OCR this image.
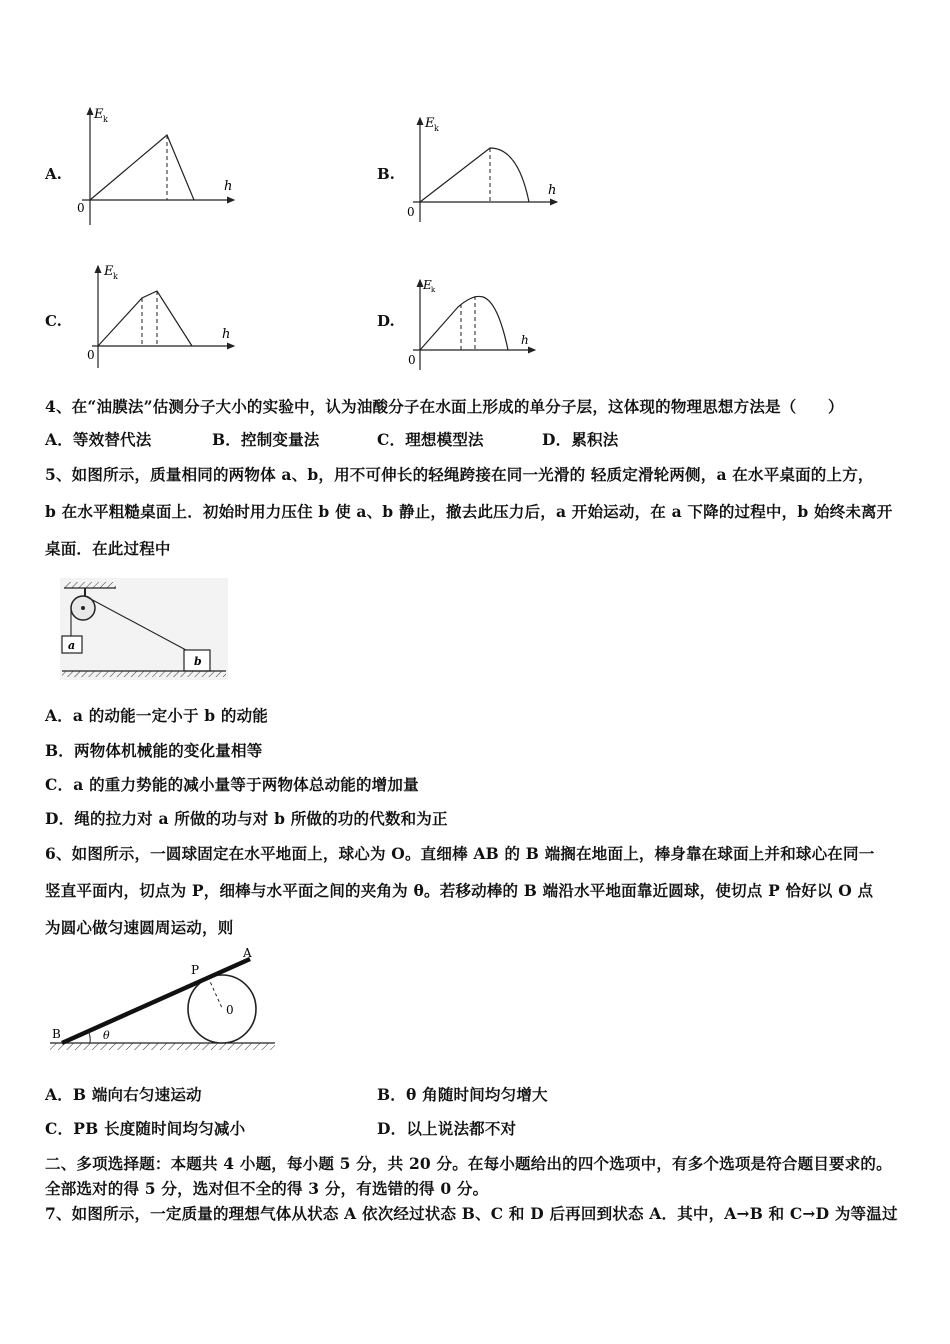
A.
E k
h
0
B.
E k
h
0
C.
E k
h
0
D.
E k
h
0
4、在“油膜法”估测分子大小的实验中，认为油酸分子在水面上形成的单分子层，这体现的物理思想方法是（　　）
A．等效替代法	B．控制变量法	C．理想模型法	D．累积法
5、如图所示，质量相同的两物体 a、b，用不可伸长的轻绳跨接在同一光滑的 轻质定滑轮两侧，a 在水平桌面的上方，
b 在水平粗糙桌面上．初始时用力压住 b 使 a、b 静止，撤去此压力后，a 开始运动，在 a 下降的过程中，b 始终未离开
桌面．在此过程中
a
b
A．a 的动能一定小于 b 的动能
B．两物体机械能的变化量相等
C．a 的重力势能的减小量等于两物体总动能的增加量
D．绳的拉力对 a 所做的功与对 b 所做的功的代数和为正
6、如图所示，一圆球固定在水平地面上，球心为 O。直细棒 AB 的 B 端搁在地面上，棒身靠在球面上并和球心在同一
竖直平面内，切点为 P，细棒与水平面之间的夹角为 θ。若移动棒的 B 端沿水平地面靠近圆球，使切点 P 恰好以 O 点
为圆心做匀速圆周运动，则
A
B
P
0
θ
A．B 端向右匀速运动	B．θ 角随时间均匀增大
C．PB 长度随时间均匀减小	D．以上说法都不对
二、多项选择题：本题共 4 小题，每小题 5 分，共 20 分。在每小题给出的四个选项中，有多个选项是符合题目要求的。
全部选对的得 5 分，选对但不全的得 3 分，有选错的得 0 分。
7、如图所示，一定质量的理想气体从状态 A 依次经过状态 B、C 和 D 后再回到状态 A．其中，A→B 和 C→D 为等温过
